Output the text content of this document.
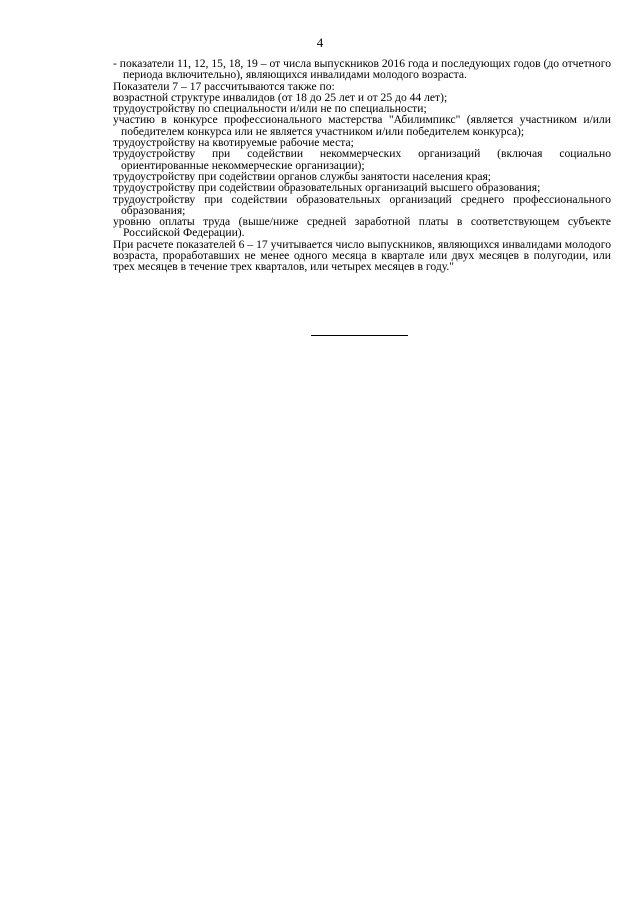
4

- показатели 11, 12, 15, 18, 19 – от числа выпускников 2016 года и последующих годов (до отчетного периода включительно), являющихся инвалидами молодого возраста.

Показатели 7 – 17 рассчитываются также по:

возрастной структуре инвалидов (от 18 до 25 лет и от 25 до 44 лет);

трудоустройству по специальности и/или не по специальности;

участию в конкурсе профессионального мастерства "Абилимпикс" (является участником и/или победителем конкурса или не является участником и/или победителем конкурса);

трудоустройству на квотируемые рабочие места;

трудоустройству при содействии некоммерческих организаций (включая социально ориентированные некоммерческие организации);

трудоустройству при содействии органов службы занятости населения края;

трудоустройству при содействии образовательных организаций высшего образования;

трудоустройству при содействии образовательных организаций среднего профессионального образования;

уровню оплаты труда (выше/ниже средней заработной платы в соответствующем субъекте Российской Федерации).

При расчете показателей 6 – 17 учитывается число выпускников, являющихся инвалидами молодого возраста, проработавших не менее одного месяца в квартале или двух месяцев в полугодии, или трех месяцев в течение трех кварталов, или четырех месяцев в году."
